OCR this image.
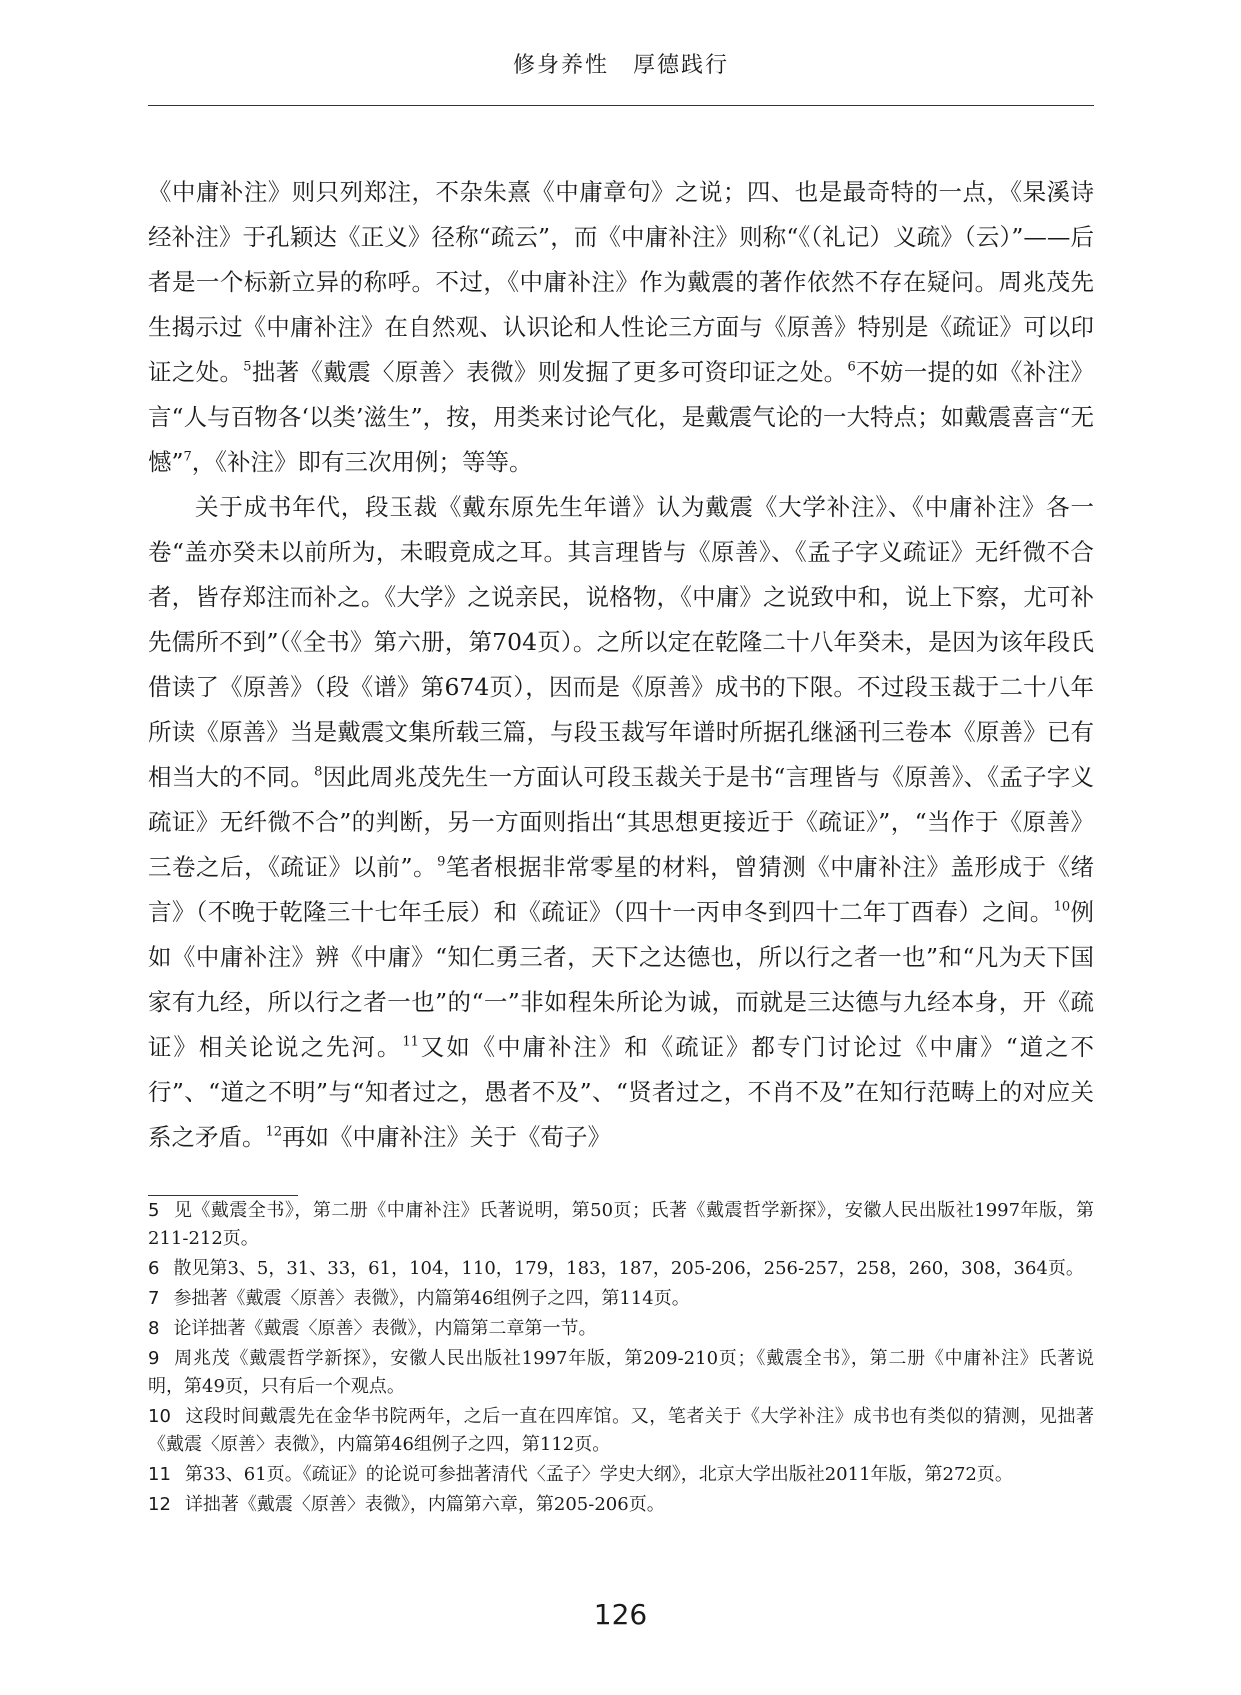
修身养性　厚德践行

《中庸补注》则只列郑注，不杂朱熹《中庸章句》之说；四、也是最奇特的一点，《杲溪诗经补注》于孔颖达《正义》径称“疏云”，而《中庸补注》则称“《（礼记）义疏》（云）”——后者是一个标新立异的称呼。不过，《中庸补注》作为戴震的著作依然不存在疑问。周兆茂先生揭示过《中庸补注》在自然观、认识论和人性论三方面与《原善》特别是《疏证》可以印证之处。$^5$拙著《戴震〈原善〉表微》则发掘了更多可资印证之处。$^6$不妨一提的如《补注》言“人与百物各‘以类’滋生”，按，用类来讨论气化，是戴震气论的一大特点；如戴震喜言“无憾”$^7$，《补注》即有三次用例；等等。

关于成书年代，段玉裁《戴东原先生年谱》认为戴震《大学补注》、《中庸补注》各一卷“盖亦癸未以前所为，未暇竟成之耳。其言理皆与《原善》、《孟子字义疏证》无纤微不合者，皆存郑注而补之。《大学》之说亲民，说格物，《中庸》之说致中和，说上下察，尤可补先儒所不到”（《全书》第六册，第704页）。之所以定在乾隆二十八年癸未，是因为该年段氏借读了《原善》（段《谱》第674页），因而是《原善》成书的下限。不过段玉裁于二十八年所读《原善》当是戴震文集所载三篇，与段玉裁写年谱时所据孔继涵刊三卷本《原善》已有相当大的不同。$^8$因此周兆茂先生一方面认可段玉裁关于是书“言理皆与《原善》、《孟子字义疏证》无纤微不合”的判断，另一方面则指出“其思想更接近于《疏证》”，“当作于《原善》三卷之后，《疏证》以前”。$^9$笔者根据非常零星的材料，曾猜测《中庸补注》盖形成于《绪言》（不晚于乾隆三十七年壬辰）和《疏证》（四十一丙申冬到四十二年丁酉春）之间。$^{10}$例如《中庸补注》辨《中庸》“知仁勇三者，天下之达德也，所以行之者一也”和“凡为天下国家有九经，所以行之者一也”的“一”非如程朱所论为诚，而就是三达德与九经本身，开《疏证》相关论说之先河。$^{11}$又如《中庸补注》和《疏证》都专门讨论过《中庸》“道之不行”、“道之不明”与“知者过之，愚者不及”、“贤者过之，不肖不及”在知行范畴上的对应关系之矛盾。$^{12}$再如《中庸补注》关于《荀子》

5 见《戴震全书》，第二册《中庸补注》氏著说明，第50页；氏著《戴震哲学新探》，安徽人民出版社1997年版，第211-212页。

6 散见第3、5，31、33，61，104，110，179，183，187，205-206，256-257，258，260，308，364页。

7 参拙著《戴震〈原善〉表微》，内篇第46组例子之四，第114页。

8 论详拙著《戴震〈原善〉表微》，内篇第二章第一节。

9 周兆茂《戴震哲学新探》，安徽人民出版社1997年版，第209-210页；《戴震全书》，第二册《中庸补注》氏著说明，第49页，只有后一个观点。

10 这段时间戴震先在金华书院两年，之后一直在四库馆。又，笔者关于《大学补注》成书也有类似的猜测，见拙著《戴震〈原善〉表微》，内篇第46组例子之四，第112页。

11 第33、61页。《疏证》的论说可参拙著清代〈孟子〉学史大纲》，北京大学出版社2011年版，第272页。

12 详拙著《戴震〈原善〉表微》，内篇第六章，第205-206页。

126
